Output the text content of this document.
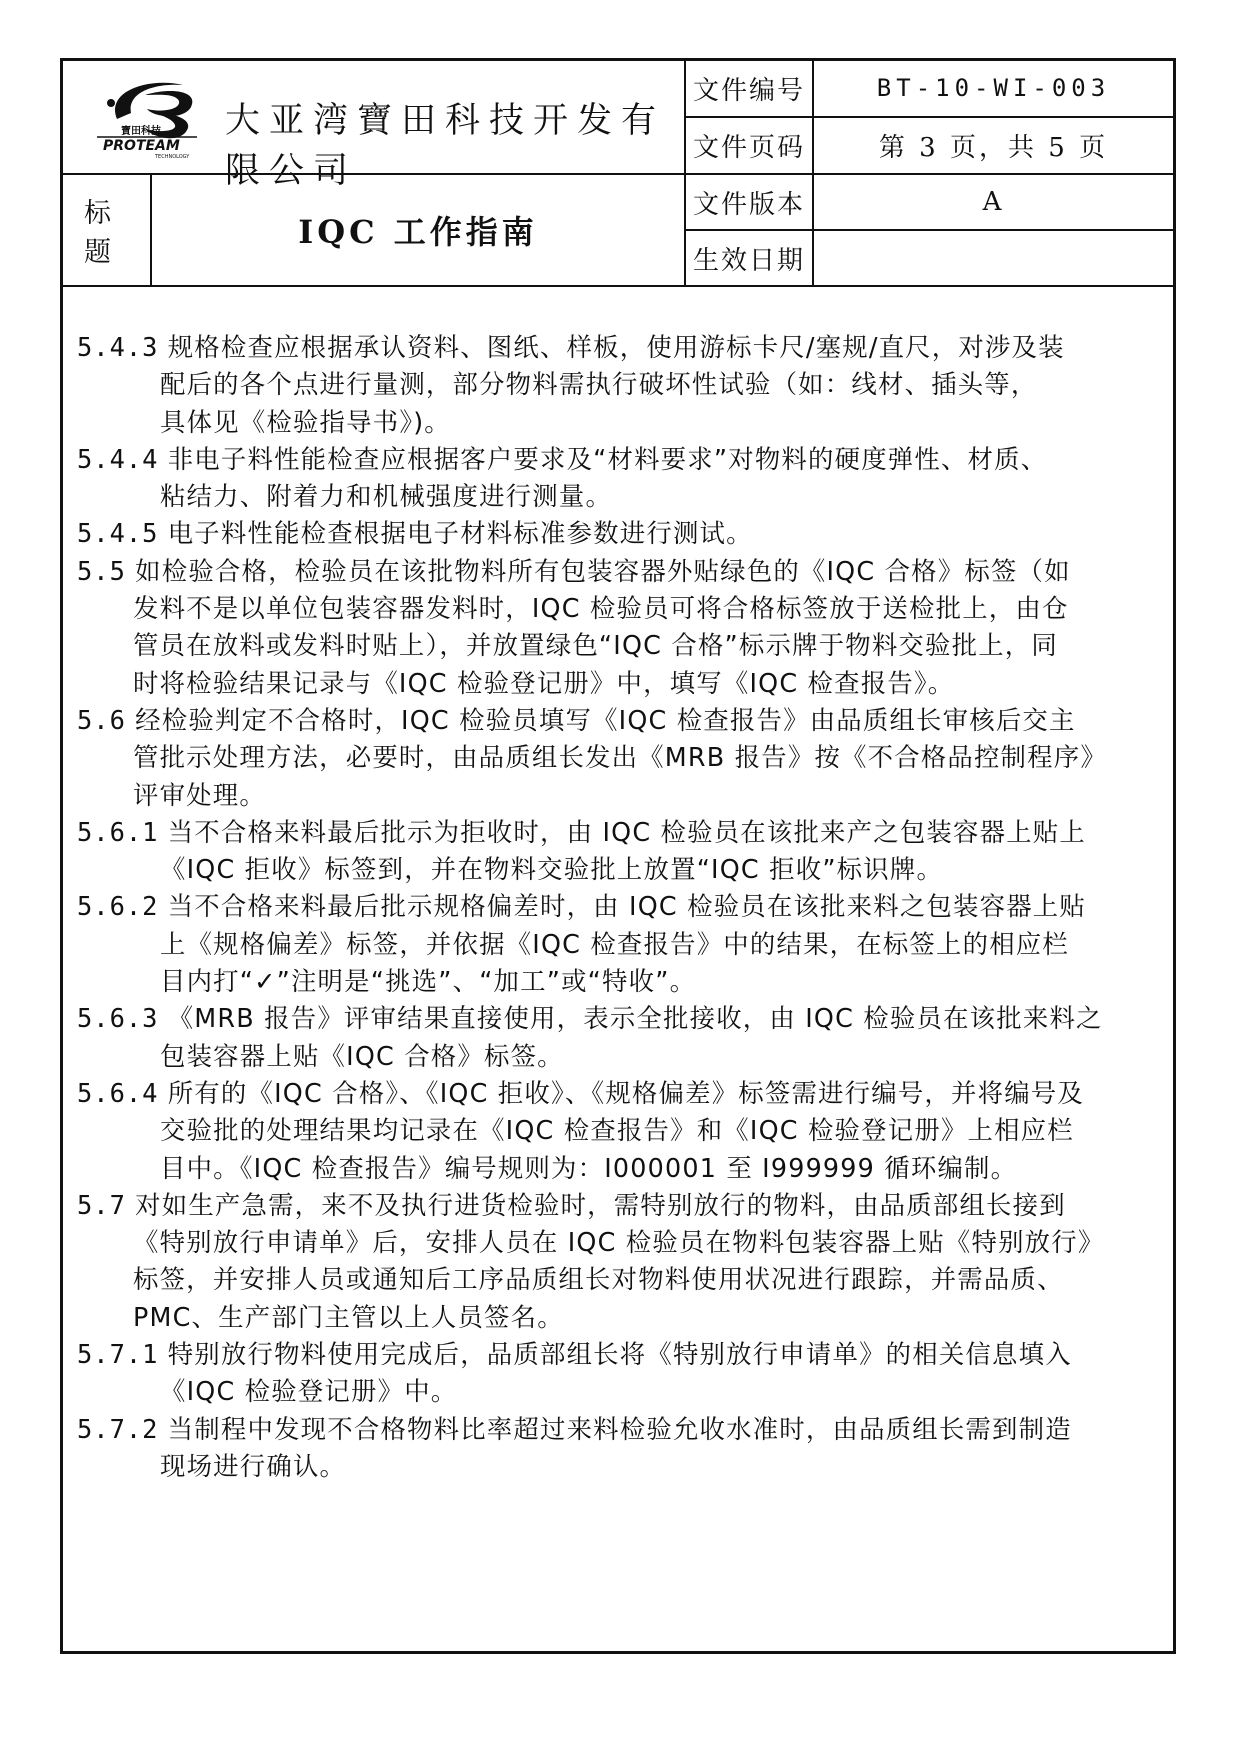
寶田科技
PROTEAM
TECHNOLOGY
大亚湾寶田科技开发有限公司		文件编号	BT-10-WI-003
		文件页码	第 3 页，共 5 页
标 题	IQC 工作指南	文件版本	A
		生效日期	
5.4.3 规格检查应根据承认资料、图纸、样板，使用游标卡尺/塞规/直尺，对涉及装
配后的各个点进行量测，部分物料需执行破坏性试验（如：线材、插头等，
具体见《检验指导书》)。
5.4.4 非电子料性能检查应根据客户要求及“材料要求”对物料的硬度弹性、材质、
粘结力、附着力和机械强度进行测量。
5.4.5 电子料性能检查根据电子材料标准参数进行测试。
5.5 如检验合格，检验员在该批物料所有包装容器外贴绿色的《IQC 合格》标签（如
发料不是以单位包装容器发料时，IQC 检验员可将合格标签放于送检批上，由仓
管员在放料或发料时贴上），并放置绿色“IQC 合格”标示牌于物料交验批上，同
时将检验结果记录与《IQC 检验登记册》中，填写《IQC 检查报告》。
5.6 经检验判定不合格时，IQC 检验员填写《IQC 检查报告》由品质组长审核后交主
管批示处理方法，必要时，由品质组长发出《MRB 报告》按《不合格品控制程序》
评审处理。
5.6.1 当不合格来料最后批示为拒收时，由 IQC 检验员在该批来产之包装容器上贴上
《IQC 拒收》标签到，并在物料交验批上放置“IQC 拒收”标识牌。
5.6.2 当不合格来料最后批示规格偏差时，由 IQC 检验员在该批来料之包装容器上贴
上《规格偏差》标签，并依据《IQC 检查报告》中的结果，在标签上的相应栏
目内打“✓”注明是“挑选”、“加工”或“特收”。
5.6.3 《MRB 报告》评审结果直接使用，表示全批接收，由 IQC 检验员在该批来料之
包装容器上贴《IQC 合格》标签。
5.6.4 所有的《IQC 合格》、《IQC 拒收》、《规格偏差》标签需进行编号，并将编号及
交验批的处理结果均记录在《IQC 检查报告》和《IQC 检验登记册》上相应栏
目中。《IQC 检查报告》编号规则为：I000001 至 I999999 循环编制。
5.7 对如生产急需，来不及执行进货检验时，需特别放行的物料，由品质部组长接到
《特别放行申请单》后，安排人员在 IQC 检验员在物料包装容器上贴《特别放行》
标签，并安排人员或通知后工序品质组长对物料使用状况进行跟踪，并需品质、
PMC、生产部门主管以上人员签名。
5.7.1 特别放行物料使用完成后，品质部组长将《特别放行申请单》的相关信息填入
《IQC 检验登记册》中。
5.7.2 当制程中发现不合格物料比率超过来料检验允收水准时，由品质组长需到制造
现场进行确认。
